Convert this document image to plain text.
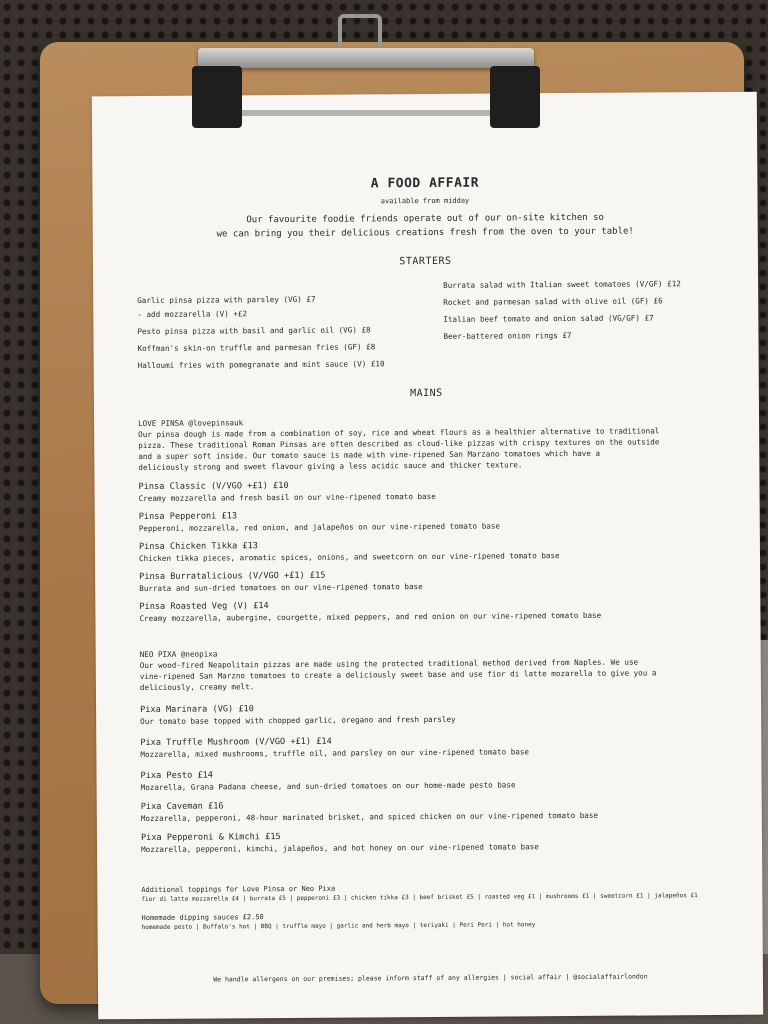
A FOOD AFFAIR
available from midday
Our favourite foodie friends operate out of our on-site kitchen so
we can bring you their delicious creations fresh from the oven to your table!
STARTERS
Garlic pinsa pizza with parsley (VG) £7
- add mozzarella (V) +£2
Pesto pinsa pizza with basil and garlic oil (VG) £8
Koffman's skin-on truffle and parmesan fries (GF) £8
Halloumi fries with pomegranate and mint sauce (V) £10
Burrata salad with Italian sweet tomatoes (V/GF) £12
Rocket and parmesan salad with olive oil (GF) £6
Italian beef tomato and onion salad (VG/GF) £7
Beer-battered onion rings £7
MAINS
LOVE PINSA @lovepinsauk
Our pinsa dough is made from a combination of soy, rice and wheat flours as a healthier alternative to traditional
pizza. These traditional Roman Pinsas are often described as cloud-like pizzas with crispy textures on the outside
and a super soft inside. Our tomato sauce is made with vine-ripened San Marzano tomatoes which have a
deliciously strong and sweet flavour giving a less acidic sauce and thicker texture.
Pinsa Classic (V/VGO +£1) £10
Creamy mozzarella and fresh basil on our vine-ripened tomato base
Pinsa Pepperoni £13
Pepperoni, mozzarella, red onion, and jalapeños on our vine-ripened tomato base
Pinsa Chicken Tikka £13
Chicken tikka pieces, aromatic spices, onions, and sweetcorn on our vine-ripened tomato base
Pinsa Burratalicious (V/VGO +£1) £15
Burrata and sun-dried tomatoes on our vine-ripened tomato base
Pinsa Roasted Veg (V) £14
Creamy mozzarella, aubergine, courgette, mixed peppers, and red onion on our vine-ripened tomato base
NEO PIXA @neopixa
Our wood-fired Neapolitain pizzas are made using the protected traditional method derived from Naples. We use
vine-ripened San Marzno tomatoes to create a deliciously sweet base and use fior di latte mozarella to give you a
deliciously, creamy melt.
Pixa Marinara (VG) £10
Our tomato base topped with chopped garlic, oregano and fresh parsley
Pixa Truffle Mushroom (V/VGO +£1) £14
Mozzarella, mixed mushrooms, truffle oil, and parsley on our vine-ripened tomato base
Pixa Pesto £14
Mozarella, Grana Padana cheese, and sun-dried tomatoes on our home-made pesto base
Pixa Caveman £16
Mozzarella, pepperoni, 48-hour marinated brisket, and spiced chicken on our vine-ripened tomato base
Pixa Pepperoni & Kimchi £15
Mozzarella, pepperoni, kimchi, jalapeños, and hot honey on our vine-ripened tomato base
Additional toppings for Love Pinsa or Neo Pixa
fior di latte mozzarella £4 | burrata £5 | pepperoni £3 | chicken tikka £3 | beef brisket £5 | roasted veg £1 | mushrooms £1 | sweetcorn £1 | jalapeños £1
Homemade dipping sauces £2.50
homemade pesto | Buffalo's hot | BBQ | truffle mayo | garlic and herb mayo | teriyaki | Peri Peri | hot honey
We handle allergens on our premises; please inform staff of any allergies | social affair | @socialaffairlondon
